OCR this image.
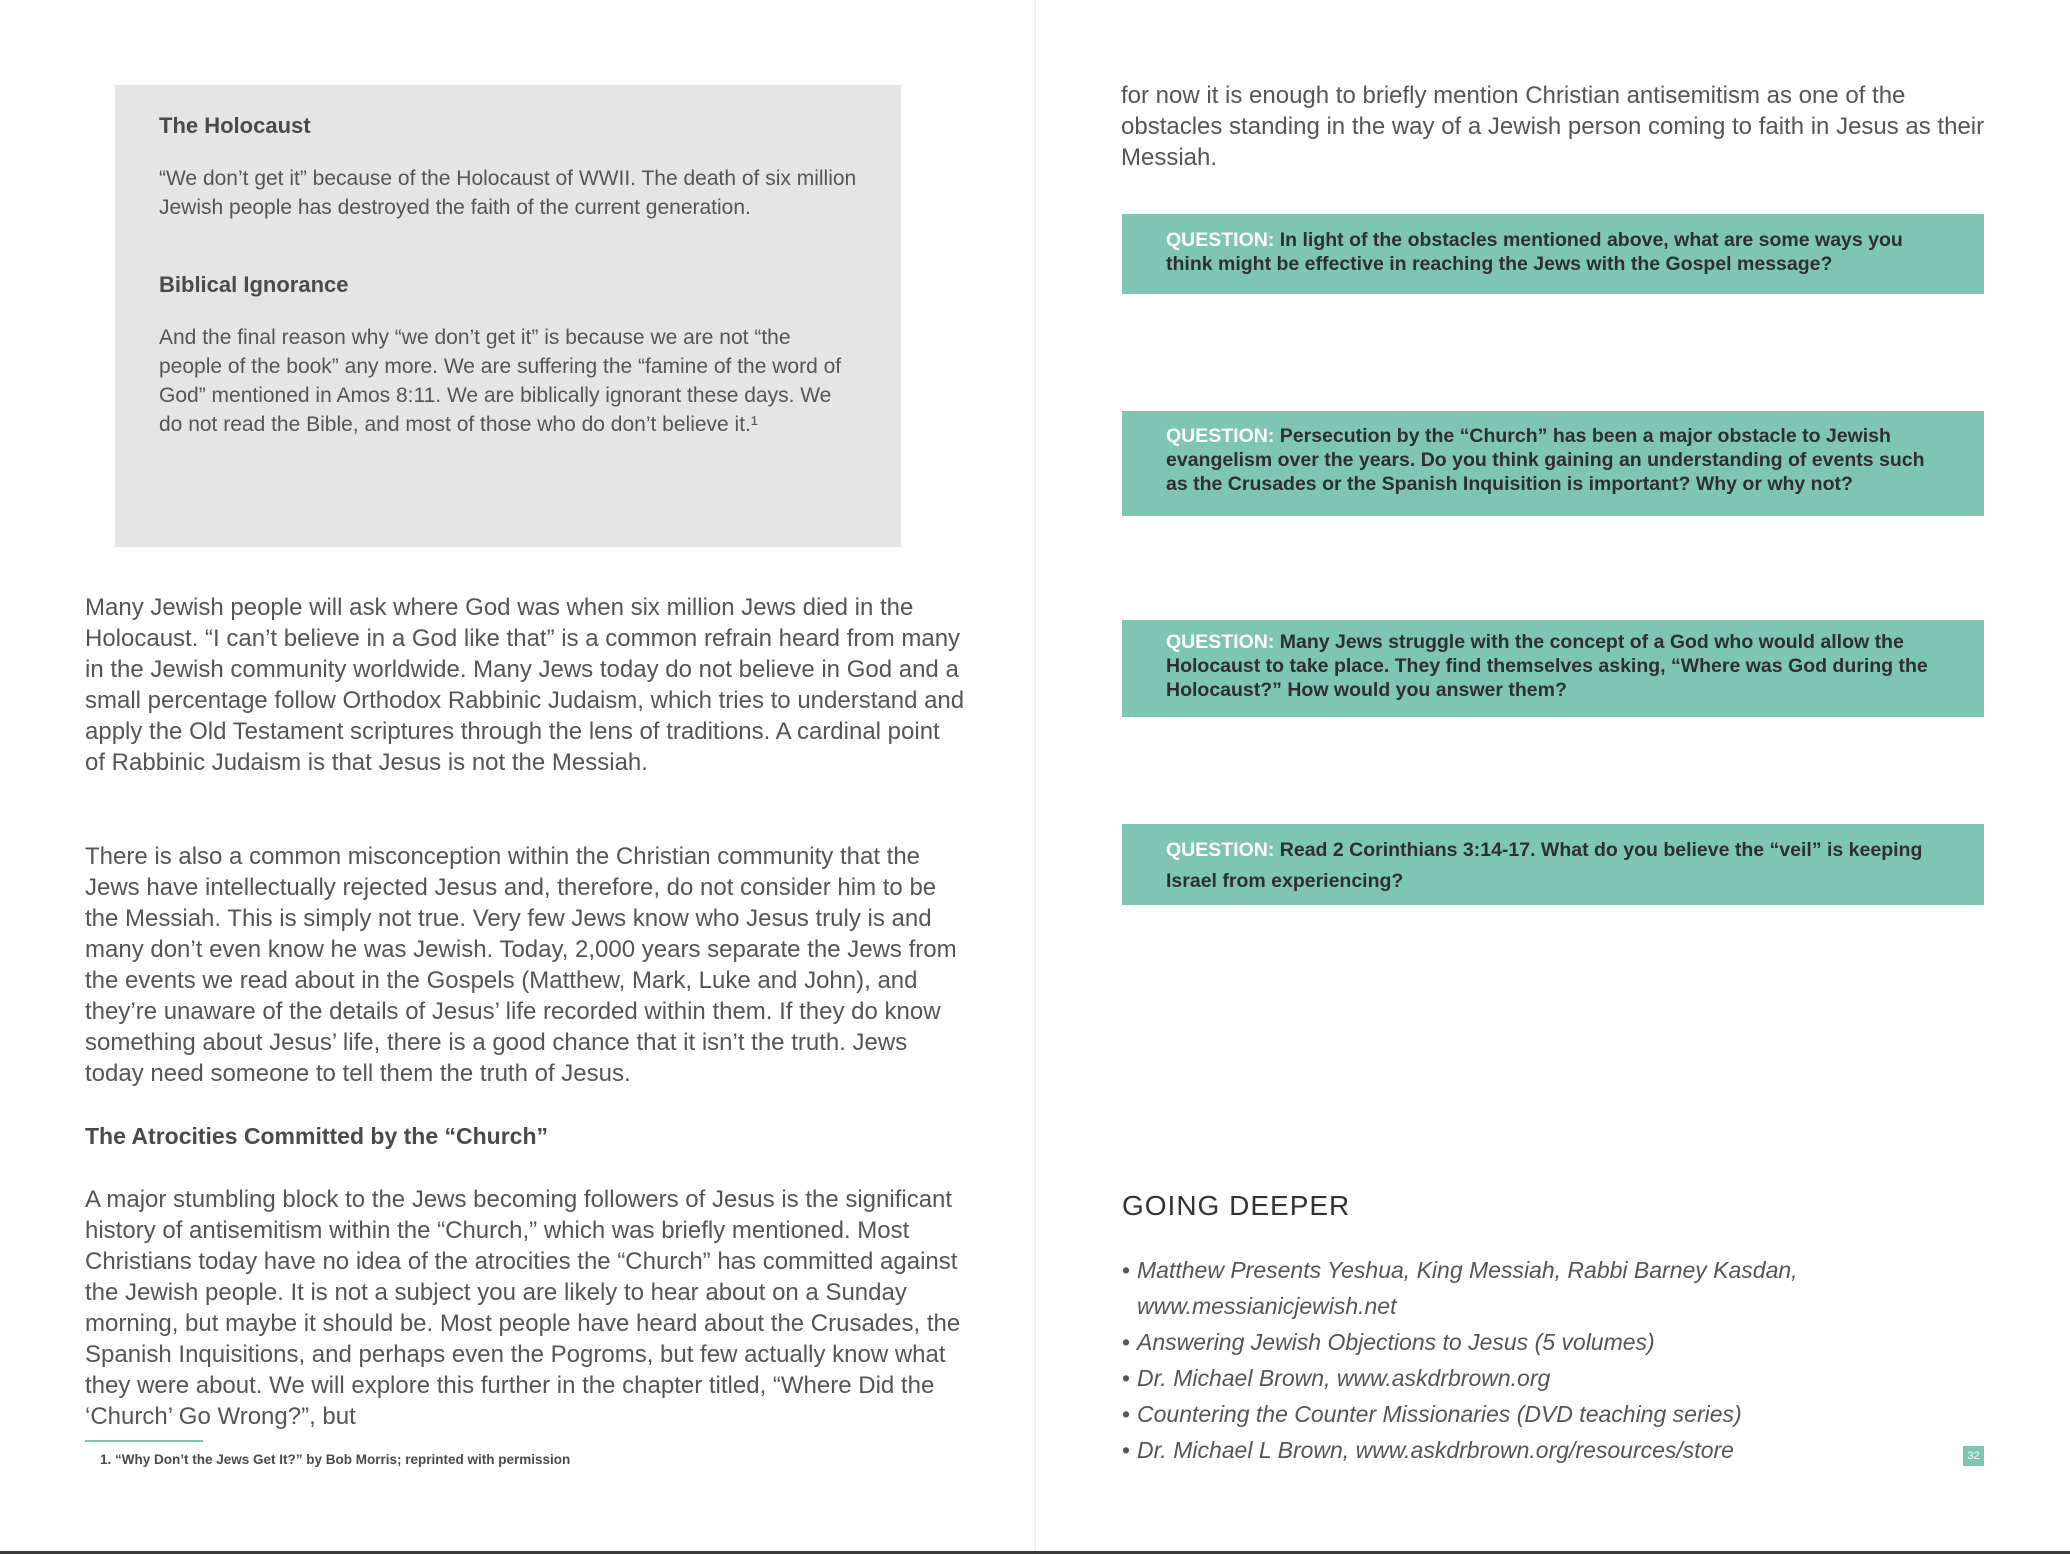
The Holocaust

“We don’t get it” because of the Holocaust of WWII. The death of six million Jewish people has destroyed the faith of the current generation.

Biblical Ignorance

And the final reason why “we don’t get it” is because we are not “the people of the book” any more. We are suffering the “famine of the word of God” mentioned in Amos 8:11. We are biblically ignorant these days. We do not read the Bible, and most of those who do don’t believe it.¹

Many Jewish people will ask where God was when six million Jews died in the Holocaust. “I can’t believe in a God like that” is a common refrain heard from many in the Jewish community worldwide. Many Jews today do not believe in God and a small percentage follow Orthodox Rabbinic Judaism, which tries to understand and apply the Old Testament scriptures through the lens of traditions. A cardinal point of Rabbinic Judaism is that Jesus is not the Messiah.

There is also a common misconception within the Christian community that the Jews have intellectually rejected Jesus and, therefore, do not consider him to be the Messiah. This is simply not true. Very few Jews know who Jesus truly is and many don’t even know he was Jewish. Today, 2,000 years separate the Jews from the events we read about in the Gospels (Matthew, Mark, Luke and John), and they’re unaware of the details of Jesus’ life recorded within them. If they do know something about Jesus’ life, there is a good chance that it isn’t the truth. Jews today need someone to tell them the truth of Jesus.

The Atrocities Committed by the “Church”

A major stumbling block to the Jews becoming followers of Jesus is the significant history of antisemitism within the “Church,” which was briefly mentioned. Most Christians today have no idea of the atrocities the “Church” has committed against the Jewish people. It is not a subject you are likely to hear about on a Sunday morning, but maybe it should be. Most people have heard about the Crusades, the Spanish Inquisitions, and perhaps even the Pogroms, but few actually know what they were about. We will explore this further in the chapter titled, “Where Did the ‘Church’ Go Wrong?”, but

1. “Why Don’t the Jews Get It?” by Bob Morris; reprinted with permission

for now it is enough to briefly mention Christian antisemitism as one of the obstacles standing in the way of a Jewish person coming to faith in Jesus as their Messiah.

QUESTION: In light of the obstacles mentioned above, what are some ways you think might be effective in reaching the Jews with the Gospel message?
QUESTION: Persecution by the “Church” has been a major obstacle to Jewish evangelism over the years. Do you think gaining an understanding of events such as the Crusades or the Spanish Inquisition is important? Why or why not?
QUESTION: Many Jews struggle with the concept of a God who would allow the Holocaust to take place. They find themselves asking, “Where was God during the Holocaust?” How would you answer them?
QUESTION: Read 2 Corinthians 3:14-17. What do you believe the “veil” is keeping Israel from experiencing?

GOING DEEPER

• Matthew Presents Yeshua, King Messiah, Rabbi Barney Kasdan,
www.messianicjewish.net
• Answering Jewish Objections to Jesus (5 volumes)
• Dr. Michael Brown, www.askdrbrown.org
• Countering the Counter Missionaries (DVD teaching series)
• Dr. Michael L Brown, www.askdrbrown.org/resources/store	32
